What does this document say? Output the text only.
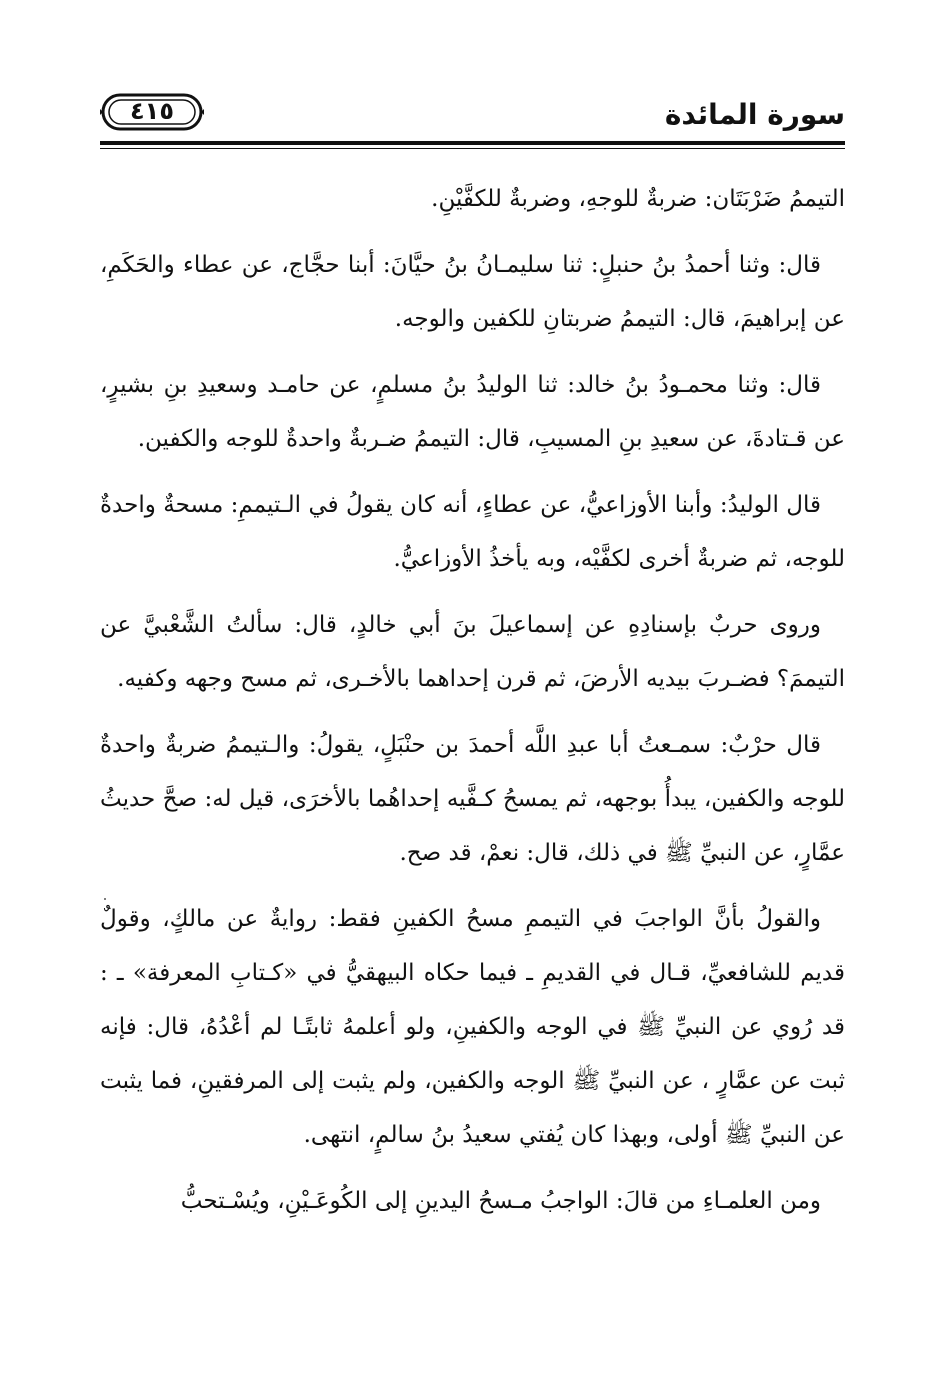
٤١٥	سورة المائدة

التيممُ ضَرْبَتَان: ضربةٌ للوجهِ، وضربةٌ للكفَّيْنِ.

قال: وثنا أحمدُ بنُ حنبلٍ: ثنا سليمـانُ بنُ حيَّانَ: أبنا حجَّاج، عن عطاء والحَكَمِ، عن إبراهيمَ، قال: التيممُ ضربتانِ للكفين والوجه.

قال: وثنا محمـودُ بنُ خالد: ثنا الوليدُ بنُ مسلمٍ، عن حامـد وسعيدِ بنِ بشيرٍ، عن قـتادةَ، عن سعيدِ بنِ المسيبِ، قال: التيممُ ضـربةٌ واحدةٌ للوجه والكفين.

قال الوليدُ: وأبنا الأوزاعيُّ، عن عطاءٍ، أنه كان يقولُ في الـتيممِ: مسحةٌ واحدةٌ للوجه، ثم ضربةٌ أخرى لكفَّيْه، وبه يأخذُ الأوزاعيُّ.

وروى حربٌ بإسنادِهِ عن إسماعيلَ بنَ أبي خالدٍ، قال: سألتُ الشَّعْبيَّ عن التيممَ؟ فضـربَ بيديه الأرضَ، ثم قرن إحداهما بالأخـرى، ثم مسح وجهه وكفيه.

قال حرْبٌ: سمـعتُ أبا عبدِ اللَّه أحمدَ بن حنْبَلٍ، يقولُ: والـتيممُ ضربةٌ واحدةٌ للوجه والكفين، يبدأُ بوجهه، ثم يمسحُ كـفَّيه إحداهُما بالأخرَى، قيل له: صحَّ حديثُ عمَّارٍ، عن النبيِّ ﷺ في ذلك، قال: نعمْ، قد صح.

والقولُ بأنَّ الواجبَ في التيممِ مسحُ الكفينِ فقط: روايةٌ عن مالكٍ، وقولٌ قديم للشافعيِّ، قـال في القديمِ ـ فيما حكاه البيهقيُّ في «كـتابِ المعرفة» ـ : قد رُوي عن النبيِّ ﷺ في الوجه والكفينِ، ولو أعلمهُ ثابتًـا لم أعْدُهُ، قال: فإنه ثبت عن عمَّارٍ ، عن النبيِّ ﷺ الوجه والكفين، ولم يثبت إلى المرفقينِ، فما يثبت عن النبيِّ ﷺ أولى، وبهذا كان يُفتي سعيدُ بنُ سالمٍ، انتهى.

ومن العلمـاءِ من قالَ: الواجبُ مـسحُ اليدينِ إلى الكُوعَـيْنِ، ويُسْـتحبُّ
